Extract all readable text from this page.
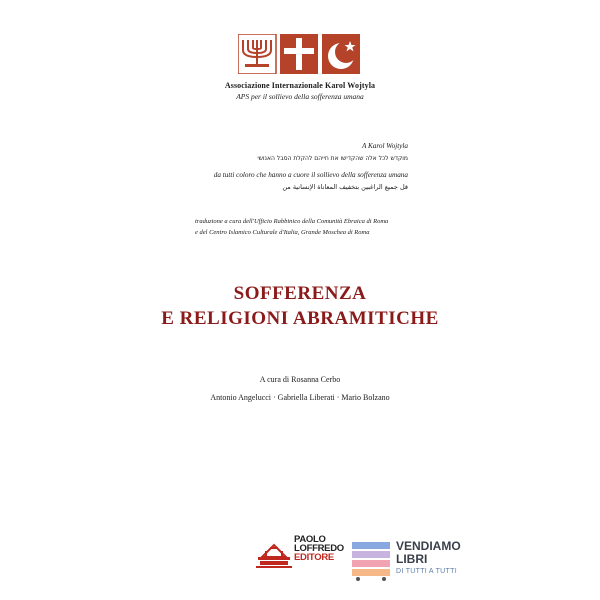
Associazione Internazionale Karol Wojtyla
APS per il sollievo della sofferenza umana
A Karol Wojtyla
מוקדש לכל אלה שהקדישו את חייהם להקלת הסבל האנושי
da tutti coloro che hanno a cuore il sollievo della sofferenza umana
قل جميع الراغبين بتخفيف المعاناة الإنسانية من
traduzione a cura dell'Ufficio Rabbinico della Comunità Ebraica di Roma
e del Centro Islamico Culturale d'Italia, Grande Moschea di Roma
SOFFERENZA
E RELIGIONI ABRAMITICHE
A cura di Rosanna Cerbo
Antonio Angelucci · Gabriella Liberati · Mario Bolzano
PAOLO
LOFFREDO
EDITORE
VENDIAMO
LIBRI
DI TUTTI A TUTTI
